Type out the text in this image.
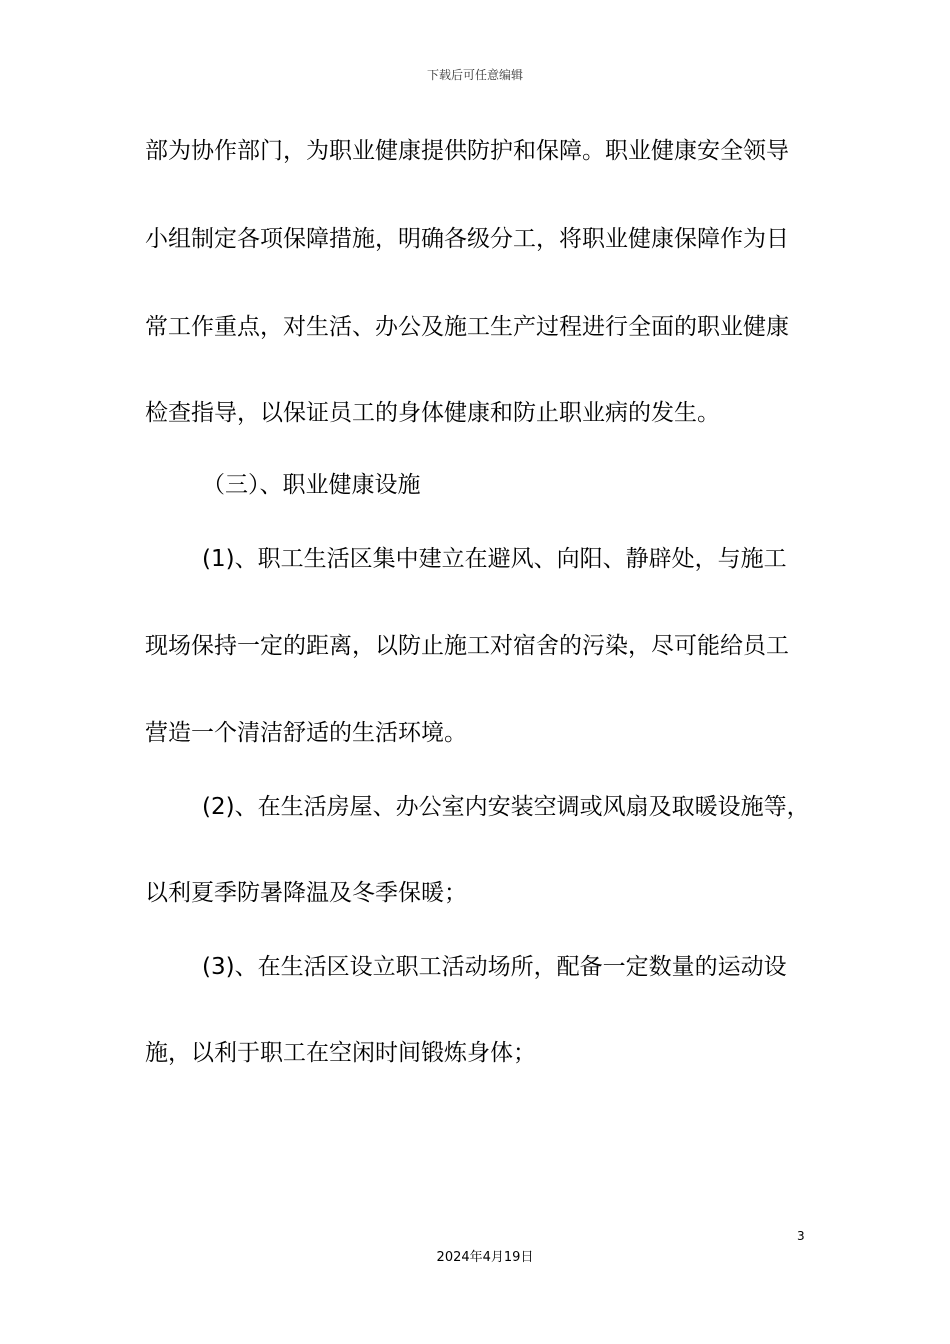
下载后可任意编辑
部为协作部门，为职业健康提供防护和保障。职业健康安全领导
小组制定各项保障措施，明确各级分工，将职业健康保障作为日
常工作重点，对生活、办公及施工生产过程进行全面的职业健康
检查指导，以保证员工的身体健康和防止职业病的发生。
（三）、职业健康设施
(1)、职工生活区集中建立在避风、向阳、静辟处，与施工
现场保持一定的距离，以防止施工对宿舍的污染，尽可能给员工
营造一个清洁舒适的生活环境。
(2)、在生活房屋、办公室内安装空调或风扇及取暖设施等，
以利夏季防暑降温及冬季保暖；
(3)、在生活区设立职工活动场所，配备一定数量的运动设
施，以利于职工在空闲时间锻炼身体；
3
2024年4月19日
